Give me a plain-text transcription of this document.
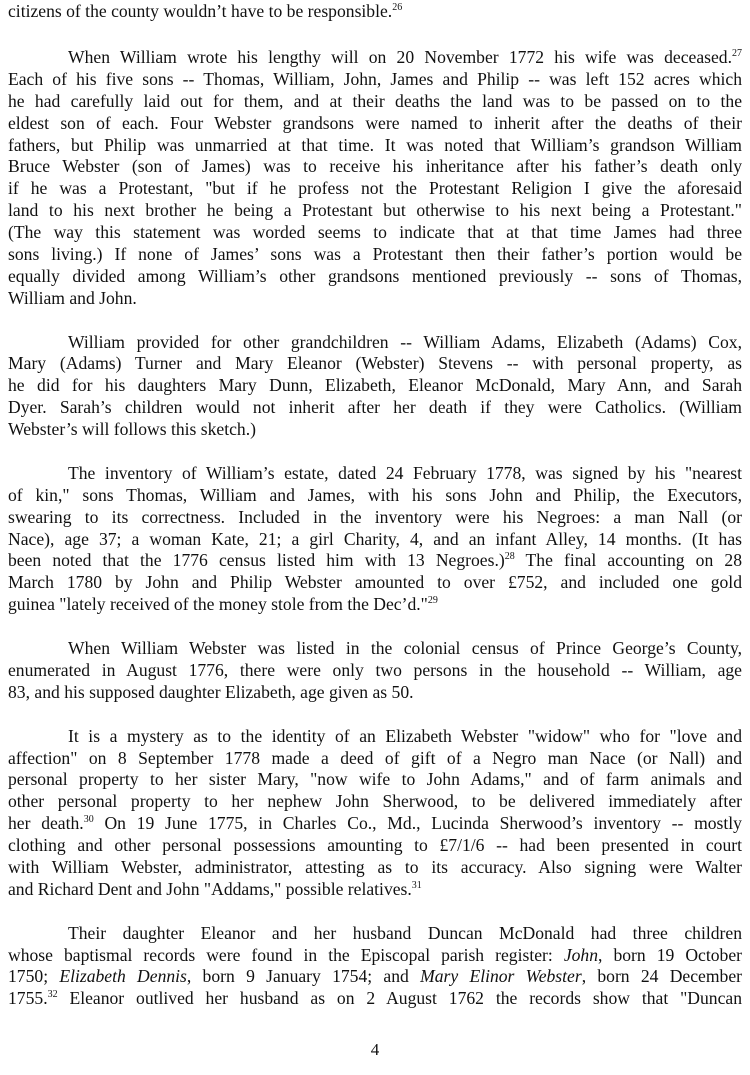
citizens of the county wouldn’t have to be responsible.$^{26}$
When William wrote his lengthy will on 20 November 1772 his wife was deceased.$^{27}$
Each of his five sons -- Thomas, William, John, James and Philip -- was left 152 acres which
he had carefully laid out for them, and at their deaths the land was to be passed on to the
eldest son of each. Four Webster grandsons were named to inherit after the deaths of their
fathers, but Philip was unmarried at that time. It was noted that William’s grandson William
Bruce Webster (son of James) was to receive his inheritance after his father’s death only
if he was a Protestant, "but if he profess not the Protestant Religion I give the aforesaid
land to his next brother he being a Protestant but otherwise to his next being a Protestant."
(The way this statement was worded seems to indicate that at that time James had three
sons living.) If none of James’ sons was a Protestant then their father’s portion would be
equally divided among William’s other grandsons mentioned previously -- sons of Thomas,
William and John.
William provided for other grandchildren -- William Adams, Elizabeth (Adams) Cox,
Mary (Adams) Turner and Mary Eleanor (Webster) Stevens -- with personal property, as
he did for his daughters Mary Dunn, Elizabeth, Eleanor McDonald, Mary Ann, and Sarah
Dyer. Sarah’s children would not inherit after her death if they were Catholics. (William
Webster’s will follows this sketch.)
The inventory of William’s estate, dated 24 February 1778, was signed by his "nearest
of kin," sons Thomas, William and James, with his sons John and Philip, the Executors,
swearing to its correctness. Included in the inventory were his Negroes: a man Nall (or
Nace), age 37; a woman Kate, 21; a girl Charity, 4, and an infant Alley, 14 months. (It has
been noted that the 1776 census listed him with 13 Negroes.)$^{28}$ The final accounting on 28
March 1780 by John and Philip Webster amounted to over £752, and included one gold
guinea "lately received of the money stole from the Dec’d."$^{29}$
When William Webster was listed in the colonial census of Prince George’s County,
enumerated in August 1776, there were only two persons in the household -- William, age
83, and his supposed daughter Elizabeth, age given as 50.
It is a mystery as to the identity of an Elizabeth Webster "widow" who for "love and
affection" on 8 September 1778 made a deed of gift of a Negro man Nace (or Nall) and
personal property to her sister Mary, "now wife to John Adams," and of farm animals and
other personal property to her nephew John Sherwood, to be delivered immediately after
her death.$^{30}$ On 19 June 1775, in Charles Co., Md., Lucinda Sherwood’s inventory -- mostly
clothing and other personal possessions amounting to £7/1/6 -- had been presented in court
with William Webster, administrator, attesting as to its accuracy. Also signing were Walter
and Richard Dent and John "Addams," possible relatives.$^{31}$
Their daughter Eleanor and her husband Duncan McDonald had three children
whose baptismal records were found in the Episcopal parish register: John, born 19 October
1750; Elizabeth Dennis, born 9 January 1754; and Mary Elinor Webster, born 24 December
1755.32 Eleanor outlived her husband as on 2 August 1762 the records show that "Duncan
4
